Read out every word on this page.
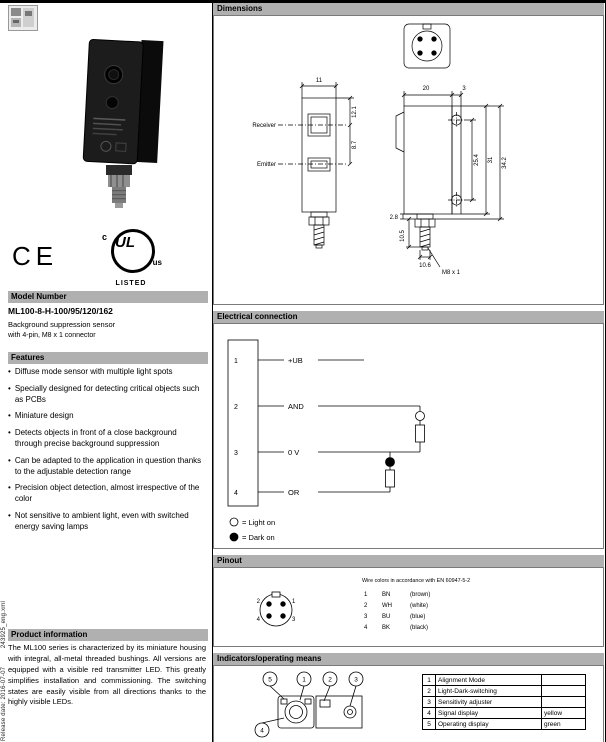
Release date: 2016-07-07          243925_eng.xml
CE	UL
c
us
LISTED
Model Number
ML100-8-H-100/95/120/162
Background suppression sensor
with 4-pin, M8 x 1 connector
Features
• Diffuse mode sensor with multiple light spots
• Specially designed for detecting critical objects such as PCBs
• Miniature design
• Detects objects in front of a close background through precise background suppression
• Can be adapted to the application in question thanks to the adjustable detection range
• Precision object detection, almost irrespective of the color
• Not sensitive to ambient light, even with switched energy saving lamps
Product information
The ML100 series is characterized by its miniature housing with integral, all-metal threaded bushings. All versions are equipped with a visible red transmitter LED. This greatly simplifies installation and commissioning. The switching states are easily visible from all directions thanks to the highly visible LEDs.
Dimensions
11
Receiver
Emitter
12.1
8.7
20	3
25.4 31 34.2
2.8
10.5
10.6
M8 x 1
Electrical connection
1
2
3
4
+UB
AND
0 V
OR
= Light on
= Dark on
Pinout
2	1
4	3
Wire colors in accordance with EN 60947-5-2
1 BN	(brown)
2 WH	(white)
3 BU	(blue)
4 BK	(black)
Indicators/operating means
5	1	2	3
4
1	Alignment Mode	
2	Light-Dark-switching	
3	Sensitivity adjuster	
4	Signal display	yellow
5	Operating display	green
